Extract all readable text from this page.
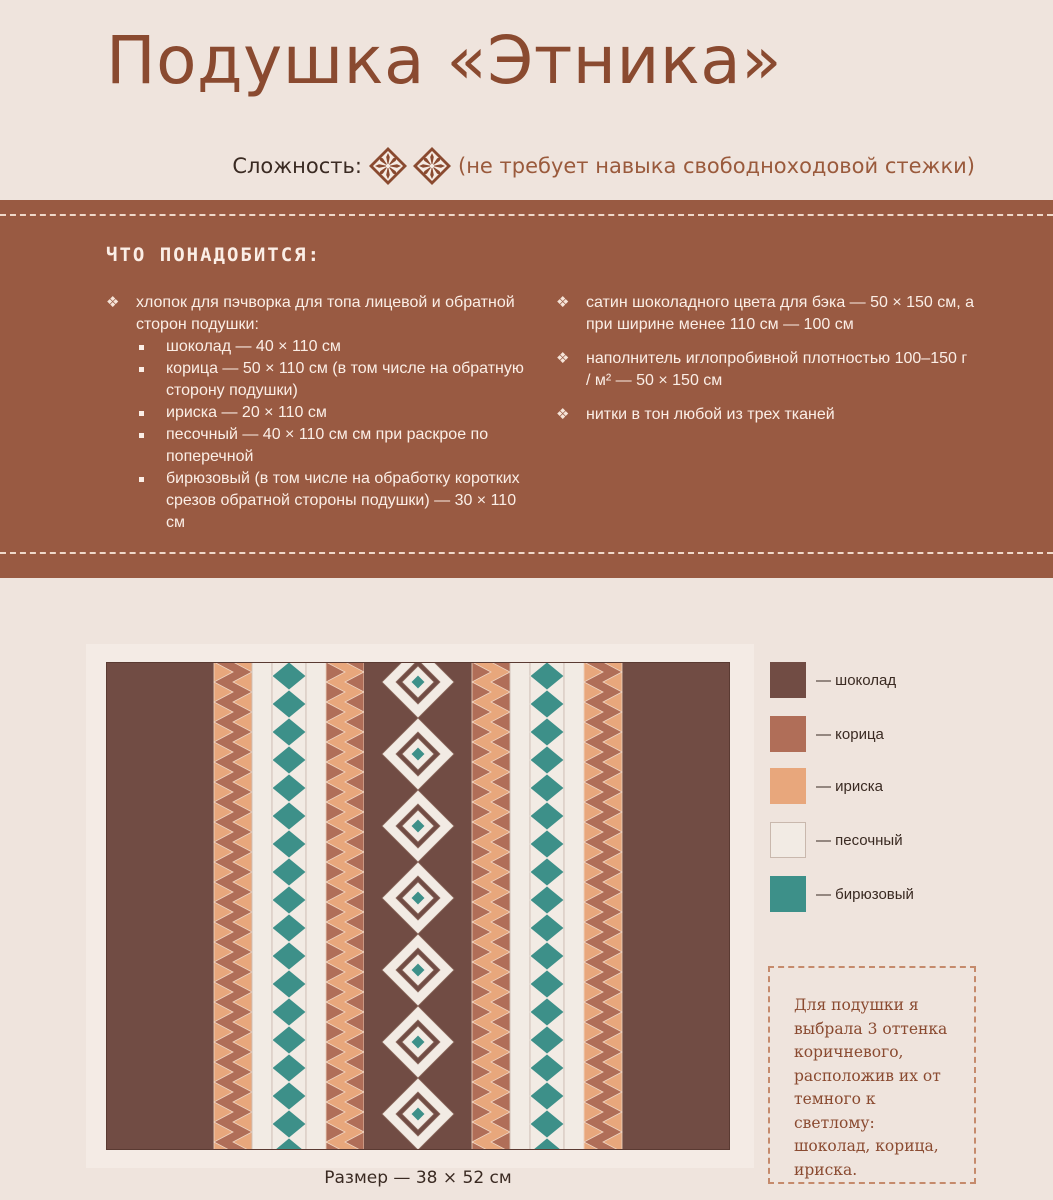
Подушка «Этника»
Сложность:	(не требует навыка свободноходовой стежки)
ЧТО ПОНАДОБИТСЯ:
❖ хлопок для пэчворка для топа лицевой и обратной сторон подушки:
шоколад — 40 × 110 см
корица — 50 × 110 см (в том числе на обратную сторону подушки)
ириска — 20 × 110 см
песочный — 40 × 110 см см при раскрое по поперечной
бирюзовый (в том числе на обработку коротких срезов обратной стороны подушки) — 30 × 110 см
❖ сатин шоколадного цвета для бэка — 50 × 150 см, а при ширине менее 110 см — 100 см
❖ наполнитель иглопробивной плотностью 100–150 г / м² — 50 × 150 см
❖ нитки в тон любой из трех тканей
Размер — 38 × 52 см
— шоколад
— корица
— ириска
— песочный
— бирюзовый

Для подушки я выбрала 3 оттенка коричневого, расположив их от темного к светлому: шоколад, корица, ириска.
